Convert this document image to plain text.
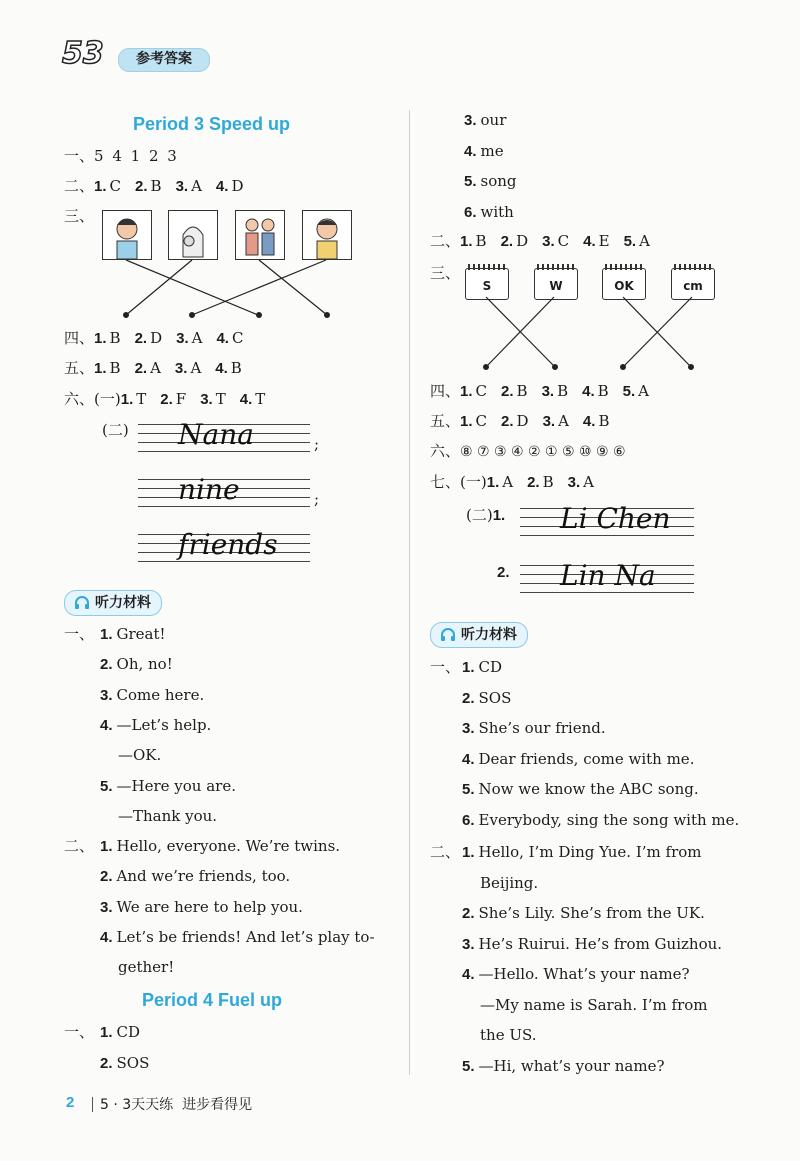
53	参考答案
Period 3 Speed up
一、5 4 1 2 3
二、1. C 2. B 3. A 4. D
三、
四、1. B 2. D 3. A 4. C
五、1. B 2. A 3. A 4. B
六、(一)1. T 2. F 3. T 4. T
(二) Nana	;
nine	;
friends
听力材料
一、 1. Great!
2. Oh, no!
3. Come here.
4. —Let’s help.
—OK.
5. —Here you are.
—Thank you.
二、 1. Hello, everyone. We’re twins.
2. And we’re friends, too.
3. We are here to help you.
4. Let’s be friends! And let’s play to-
gether!
Period 4 Fuel up
一、 1. CD
2. SOS
3. our
4. me
5. song
6. with
二、1. B 2. D 3. C 4. E 5. A
三、
S	W	OK	cm
四、1. C 2. B 3. B 4. B 5. A
五、1. C 2. D 3. A 4. B
六、⑧ ⑦ ③ ④ ② ① ⑤ ⑩ ⑨ ⑥
七、(一)1. A 2. B 3. A
(二)1.
2.
Li Chen
Lin Na
听力材料
一、 1. CD
2. SOS
3. She’s our friend.
4. Dear friends, come with me.
5. Now we know the ABC song.
6. Everybody, sing the song with me.
二、 1. Hello, I’m Ding Yue. I’m from
Beijing.
2. She’s Lily. She’s from the UK.
3. He’s Ruirui. He’s from Guizhou.
4. —Hello. What’s your name?
—My name is Sarah. I’m from
the US.
5. —Hi, what’s your name?
2 5 · 3天天练 进步看得见
